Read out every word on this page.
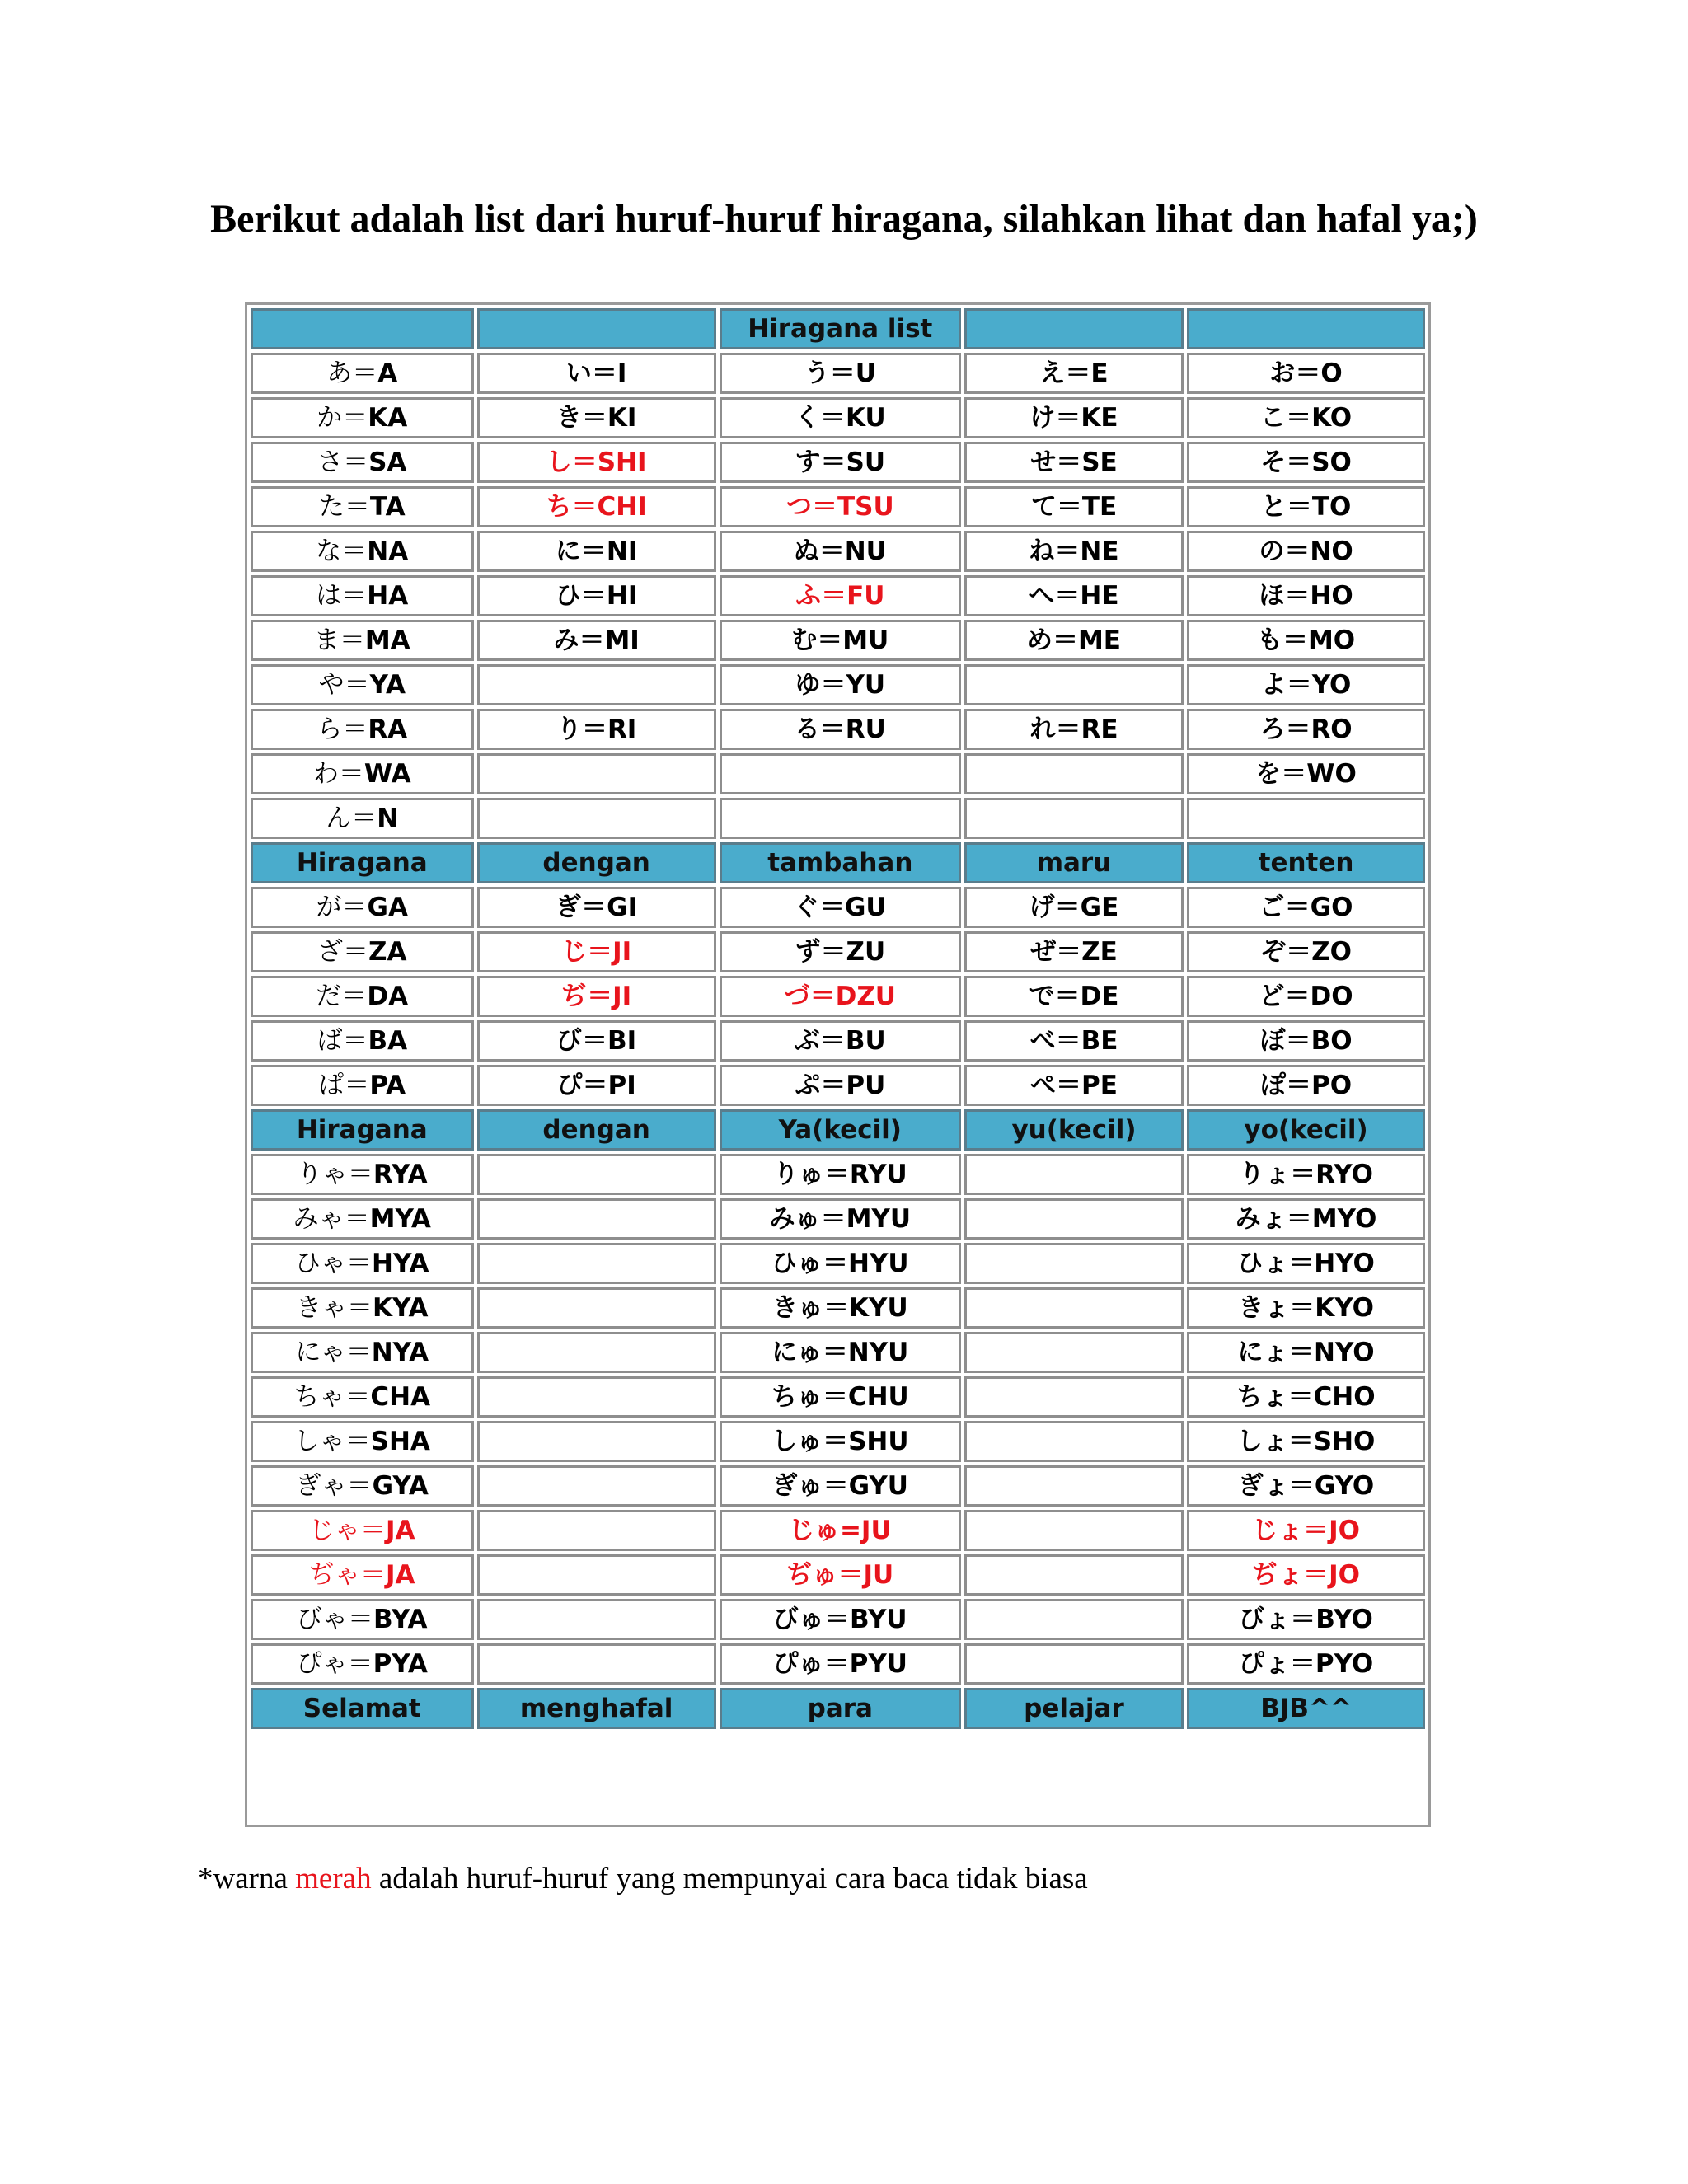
Berikut adalah list dari huruf-huruf hiragana, silahkan lihat dan hafal ya;)
		Hiragana list		
あ＝A	い＝I	う＝U	え＝E	お＝O
か＝KA	き＝KI	く＝KU	け＝KE	こ＝KO
さ＝SA	し＝SHI	す＝SU	せ＝SE	そ＝SO
た＝TA	ち＝CHI	つ＝TSU	て＝TE	と＝TO
な＝NA	に＝NI	ぬ＝NU	ね＝NE	の＝NO
は＝HA	ひ＝HI	ふ＝FU	へ＝HE	ほ＝HO
ま＝MA	み＝MI	む＝MU	め＝ME	も＝MO
や＝YA		ゆ＝YU		よ＝YO
ら＝RA	り＝RI	る＝RU	れ＝RE	ろ＝RO
わ＝WA				を＝WO
ん＝N				
Hiragana	dengan	tambahan	maru	tenten
が＝GA	ぎ＝GI	ぐ＝GU	げ＝GE	ご＝GO
ざ＝ZA	じ＝JI	ず＝ZU	ぜ＝ZE	ぞ＝ZO
だ＝DA	ぢ＝JI	づ＝DZU	で＝DE	ど＝DO
ば＝BA	び＝BI	ぶ＝BU	べ＝BE	ぼ＝BO
ぱ＝PA	ぴ＝PI	ぷ＝PU	ぺ＝PE	ぽ＝PO
Hiragana	dengan	Ya(kecil)	yu(kecil)	yo(kecil)
りゃ＝RYA		りゅ＝RYU		りょ＝RYO
みゃ＝MYA		みゅ＝MYU		みょ＝MYO
ひゃ＝HYA		ひゅ＝HYU		ひょ＝HYO
きゃ＝KYA		きゅ＝KYU		きょ＝KYO
にゃ＝NYA		にゅ＝NYU		にょ＝NYO
ちゃ＝CHA		ちゅ＝CHU		ちょ＝CHO
しゃ＝SHA		しゅ＝SHU		しょ＝SHO
ぎゃ＝GYA		ぎゅ＝GYU		ぎょ＝GYO
じゃ＝JA		じゅ=JU		じょ＝JO
ぢゃ＝JA		ぢゅ＝JU		ぢょ＝JO
びゃ＝BYA		びゅ＝BYU		びょ＝BYO
ぴゃ＝PYA		ぴゅ＝PYU		ぴょ＝PYO
Selamat	menghafal	para	pelajar	BJB^^
*warna merah adalah huruf-huruf yang mempunyai cara baca tidak biasa
